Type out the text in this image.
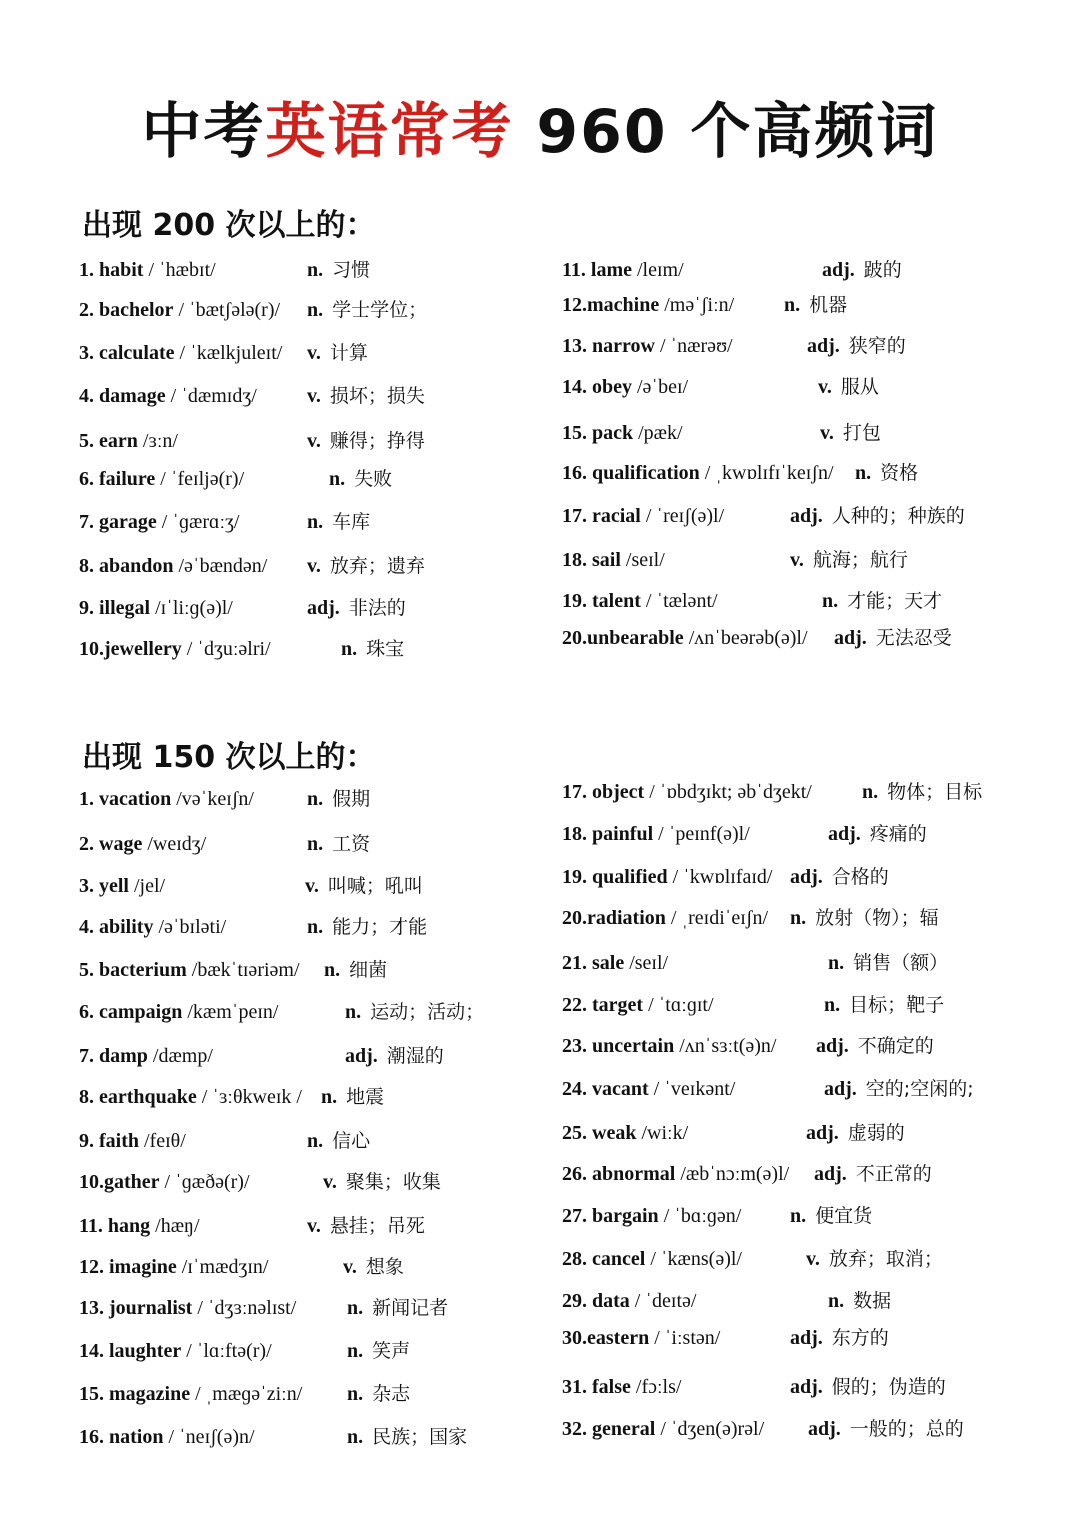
中考英语常考 960 个高频词
出现 200 次以上的：
出现 150 次以上的：
1. habit / ˈhæbɪt/	n. 习惯
2. bachelor / ˈbætʃələ(r)/ n. 学士学位；
3. calculate / ˈkælkjuleɪt/ v. 计算
4. damage / ˈdæmɪdʒ/	v. 损坏；损失
5. earn /ɜːn/	v. 赚得；挣得
6. failure / ˈfeɪljə(r)/	n. 失败
7. garage / ˈɡærɑːʒ/	n. 车库
8. abandon /əˈbændən/ v. 放弃；遗弃
9. illegal /ɪˈliːɡ(ə)l/	adj. 非法的
10.jewellery / ˈdʒuːəlri/	n. 珠宝
11. lame /leɪm/	adj. 跛的
12.machine /məˈʃiːn/ n. 机器
13. narrow / ˈnærəʊ/	adj. 狭窄的
14. obey /əˈbeɪ/	v. 服从
15. pack /pæk/	v. 打包
16. qualification / ˌkwɒlɪfɪˈkeɪʃn/ n. 资格
17. racial / ˈreɪʃ(ə)l/	adj. 人种的；种族的
18. sail /seɪl/	v. 航海；航行
19. talent / ˈtælənt/	n. 才能；天才
20.unbearable /ʌnˈbeərəb(ə)l/ adj. 无法忍受
1. vacation /vəˈkeɪʃn/	n. 假期
2. wage /weɪdʒ/	n. 工资
3. yell /jel/	v. 叫喊；吼叫
4. ability /əˈbɪləti/	n. 能力；才能
5. bacterium /bækˈtɪəriəm/ n. 细菌
6. campaign /kæmˈpeɪn/	n. 运动；活动；
7. damp /dæmp/	adj. 潮湿的
8. earthquake / ˈɜːθkweɪk / n. 地震
9. faith /feɪθ/	n. 信心
10.gather / ˈɡæðə(r)/	v. 聚集；收集
11. hang /hæŋ/	v. 悬挂；吊死
12. imagine /ɪˈmædʒɪn/	v. 想象
13. journalist / ˈdʒɜːnəlɪst/	n. 新闻记者
14. laughter / ˈlɑːftə(r)/	n. 笑声
15. magazine / ˌmæɡəˈziːn/ n. 杂志
16. nation / ˈneɪʃ(ə)n/	n. 民族；国家
17. object / ˈɒbdʒɪkt; əbˈdʒekt/	n. 物体；目标
18. painful / ˈpeɪnf(ə)l/	adj. 疼痛的
19. qualified / ˈkwɒlɪfaɪd/ adj. 合格的
20.radiation / ˌreɪdiˈeɪʃn/ n. 放射（物）；辐
21. sale /seɪl/	n. 销售（额）
22. target / ˈtɑːɡɪt/	n. 目标；靶子
23. uncertain /ʌnˈsɜːt(ə)n/ adj. 不确定的
24. vacant / ˈveɪkənt/	adj. 空的;空闲的;
25. weak /wiːk/	adj. 虚弱的
26. abnormal /æbˈnɔːm(ə)l/ adj. 不正常的
27. bargain / ˈbɑːɡən/ n. 便宜货
28. cancel / ˈkæns(ə)l/	v. 放弃；取消；
29. data / ˈdeɪtə/	n. 数据
30.eastern / ˈiːstən/	adj. 东方的
31. false /fɔːls/	adj. 假的；伪造的
32. general / ˈdʒen(ə)rəl/ adj. 一般的；总的
